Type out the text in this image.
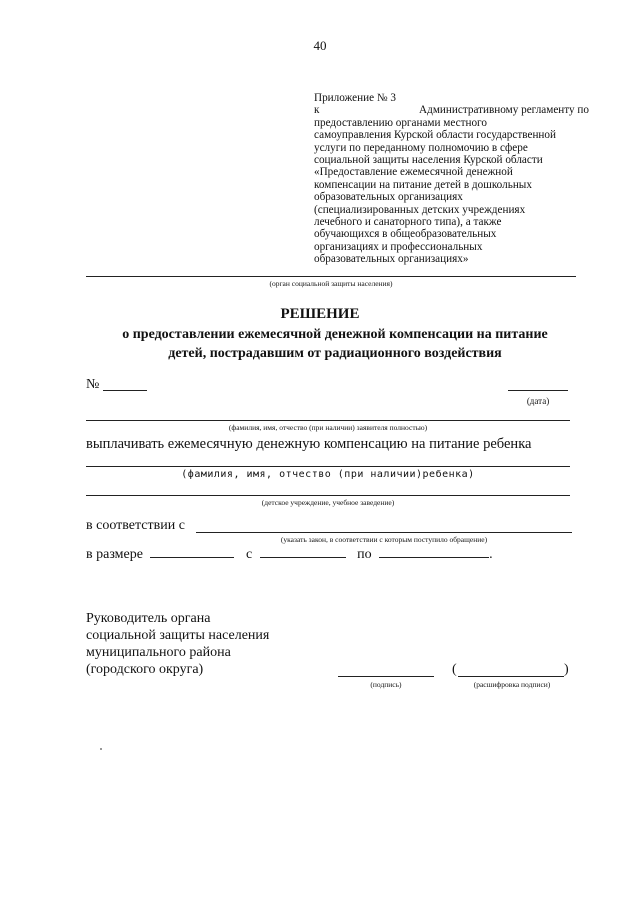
40
Приложение № 3
к	Административному регламенту по
предоставлению органами местного
самоуправления Курской области государственной
услуги по переданному полномочию в сфере
социальной защиты населения Курской области
«Предоставление ежемесячной денежной
компенсации на питание детей в дошкольных
образовательных организациях
(специализированных детских учреждениях
лечебного и санаторного типа), а также
обучающихся в общеобразовательных
организациях и профессиональных
образовательных организациях»
(орган социальной защиты населения)
РЕШЕНИЕ
о предоставлении ежемесячной денежной компенсации на питание
детей, пострадавшим от радиационного воздействия
№
(дата)
(фамилия, имя, отчество (при наличии) заявителя полностью)
выплачивать ежемесячную денежную компенсацию на питание ребенка
(фамилия, имя, отчество (при наличии)ребенка)
(детское учреждение, учебное заведение)
в соответствии с
(указать закон, в соответствии с которым поступило обращение)
в размере	с	по	.
Руководитель органа
социальной защиты населения
муниципального района
(городского округа)
(подпись)
(	)
(расшифровка подписи)
